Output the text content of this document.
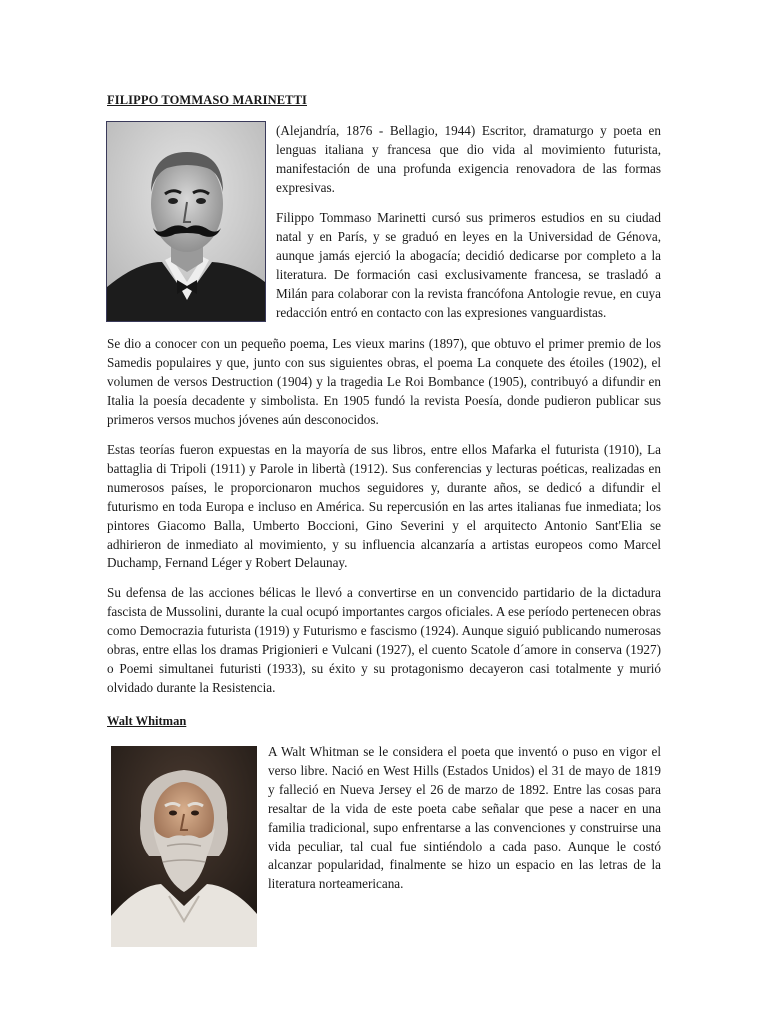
FILIPPO TOMMASO MARINETTI

(Alejandría, 1876 - Bellagio, 1944) Escritor, dramaturgo y poeta en lenguas italiana y francesa que dio vida al movimiento futurista, manifestación de una profunda exigencia renovadora de las formas expresivas.

Filippo Tommaso Marinetti cursó sus primeros estudios en su ciudad natal y en París, y se graduó en leyes en la Universidad de Génova, aunque jamás ejerció la abogacía; decidió dedicarse por completo a la literatura. De formación casi exclusivamente francesa, se trasladó a Milán para colaborar con la revista francófona Antologie revue, en cuya redacción entró en contacto con las expresiones vanguardistas.

Se dio a conocer con un pequeño poema, Les vieux marins (1897), que obtuvo el primer premio de los Samedis populaires y que, junto con sus siguientes obras, el poema La conquete des étoiles (1902), el volumen de versos Destruction (1904) y la tragedia Le Roi Bombance (1905), contribuyó a difundir en Italia la poesía decadente y simbolista. En 1905 fundó la revista Poesía, donde pudieron publicar sus primeros versos muchos jóvenes aún desconocidos.

Estas teorías fueron expuestas en la mayoría de sus libros, entre ellos Mafarka el futurista (1910), La battaglia di Tripoli (1911) y Parole in libertà (1912). Sus conferencias y lecturas poéticas, realizadas en numerosos países, le proporcionaron muchos seguidores y, durante años, se dedicó a difundir el futurismo en toda Europa e incluso en América. Su repercusión en las artes italianas fue inmediata; los pintores Giacomo Balla, Umberto Boccioni, Gino Severini y el arquitecto Antonio Sant'Elia se adhirieron de inmediato al movimiento, y su influencia alcanzaría a artistas europeos como Marcel Duchamp, Fernand Léger y Robert Delaunay.

Su defensa de las acciones bélicas le llevó a convertirse en un convencido partidario de la dictadura fascista de Mussolini, durante la cual ocupó importantes cargos oficiales. A ese período pertenecen obras como Democrazia futurista (1919) y Futurismo e fascismo (1924). Aunque siguió publicando numerosas obras, entre ellas los dramas Prigionieri e Vulcani (1927), el cuento Scatole d´amore in conserva (1927) o Poemi simultanei futuristi (1933), su éxito y su protagonismo decayeron casi totalmente y murió olvidado durante la Resistencia.

Walt Whitman

A Walt Whitman se le considera el poeta que inventó o puso en vigor el verso libre. Nació en West Hills (Estados Unidos) el 31 de mayo de 1819 y falleció en Nueva Jersey el 26 de marzo de 1892. Entre las cosas para resaltar de la vida de este poeta cabe señalar que pese a nacer en una familia tradicional, supo enfrentarse a las convenciones y construirse una vida peculiar, tal cual fue sintiéndolo a cada paso. Aunque le costó alcanzar popularidad, finalmente se hizo un espacio en las letras de la literatura norteamericana.
